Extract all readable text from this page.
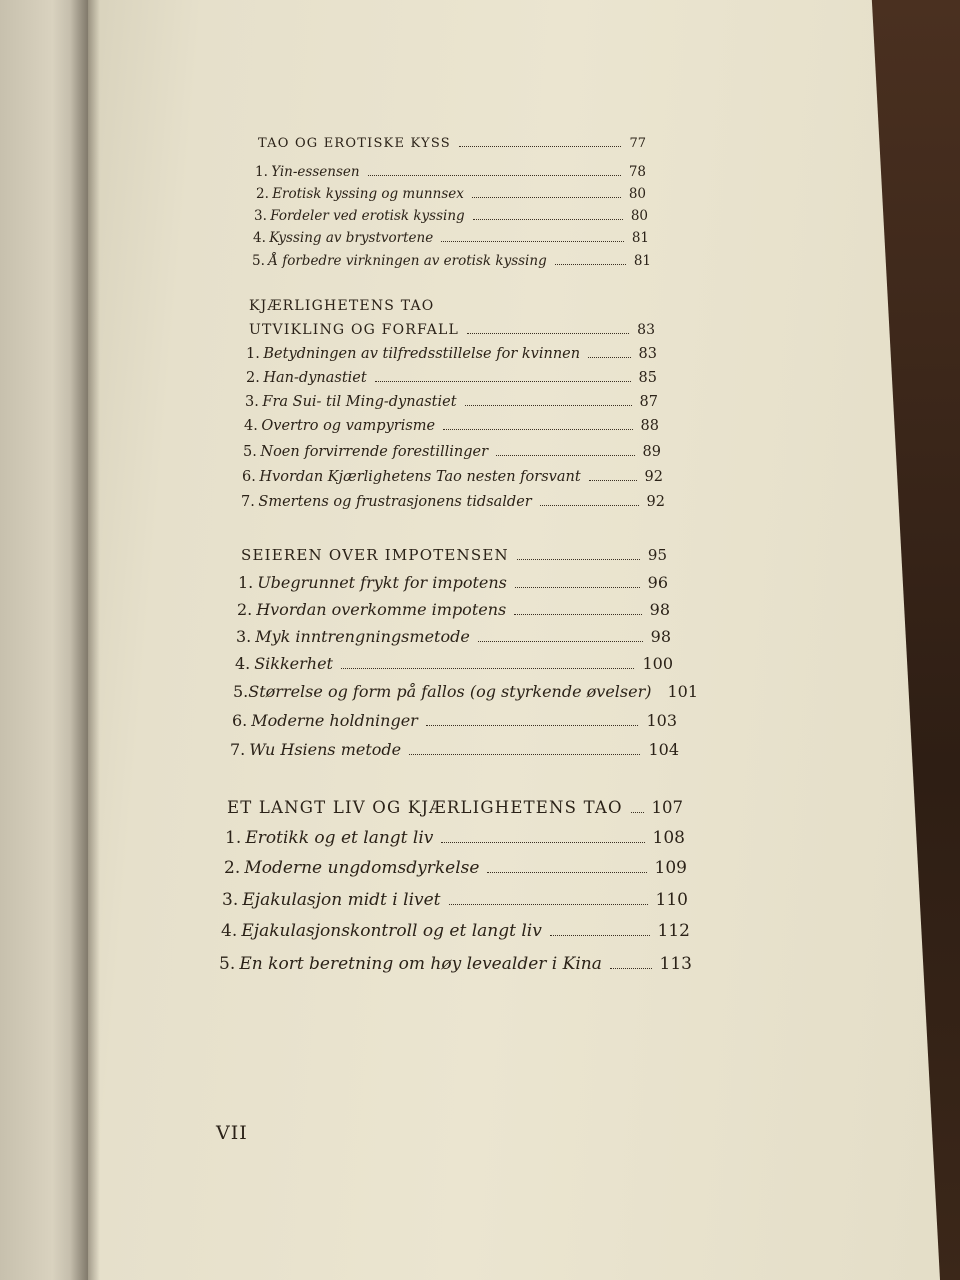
TAO OG EROTISKE KYSS	77
1. Yin-essensen	78
2. Erotisk kyssing og munnsex	80
3. Fordeler ved erotisk kyssing	80
4. Kyssing av brystvortene	81
5. Å forbedre virkningen av erotisk kyssing	81
KJÆRLIGHETENS TAO
UTVIKLING OG FORFALL	83
1. Betydningen av tilfredsstillelse for kvinnen	83
2. Han-dynastiet	85
3. Fra Sui- til Ming-dynastiet	87
4. Overtro og vampyrisme	88
5. Noen forvirrende forestillinger	89
6. Hvordan Kjærlighetens Tao nesten forsvant	92
7. Smertens og frustrasjonens tidsalder	92
SEIEREN OVER IMPOTENSEN	95
1. Ubegrunnet frykt for impotens	96
2. Hvordan overkomme impotens	98
3. Myk inntrengningsmetode	98
4. Sikkerhet	100
5. Størrelse og form på fallos (og styrkende øvelser) 101
6. Moderne holdninger	103
7. Wu Hsiens metode	104
ET LANGT LIV OG KJÆRLIGHETENS TAO 107
1. Erotikk og et langt liv	108
2. Moderne ungdomsdyrkelse	109
3. Ejakulasjon midt i livet	110
4. Ejakulasjonskontroll og et langt liv	112
5. En kort beretning om høy levealder i Kina	113
VII
